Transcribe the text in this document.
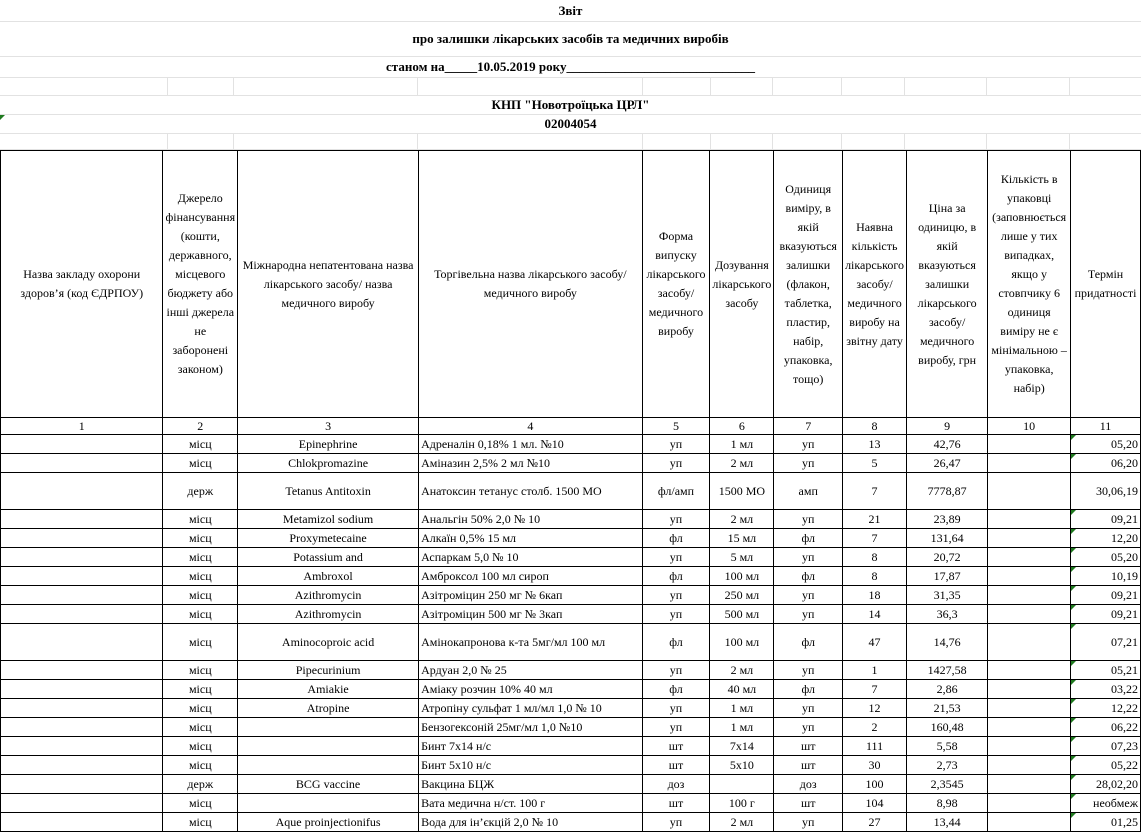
Звіт
про залишки лікарських засобів та медичних виробів
станом на_____10.05.2019 року_____________________________
КНП "Новотроїцька ЦРЛ"
02004054
Назва закладу охорони здоров’я (код ЄДРПОУ)	Джерело фінансування (кошти, державного, місцевого бюджету або інші джерела не заборонені законом)	Міжнародна непатентована назва лікарського засобу/ назва медичного виробу	Торгівельна назва лікарського засобу/ медичного виробу	Форма випуску лікарського засобу/ медичного виробу	Дозування лікарського засобу	Одиниця виміру, в якій вказуються залишки (флакон, таблетка, пластир, набір, упаковка, тощо)	Наявна кількість лікарського засобу/медичного виробу на звітну дату	Ціна за одиницю, в якій вказуються залишки лікарського засобу/медичного виробу, грн	Кількість в упаковці (заповнюється лише у тих випадках, якщо у стовпчику 6 одиниця виміру не є мінімальною – упаковка, набір)	Термін придатності
1	2	3	4	5	6	7	8	9	10	11
	місц	Epinephrine	Адреналін 0,18% 1 мл. №10	уп	1 мл	уп	13	42,76		05,20
	місц	Chlokpromazine	Аміназин 2,5% 2 мл №10	уп	2 мл	уп	5	26,47		06,20
	держ	Tetanus Antitoxin	Анатоксин тетанус столб. 1500 МО	фл/амп	1500 МО	амп	7	7778,87		30,06,19
	місц	Metamizol sodium	Анальгін 50% 2,0 № 10	уп	2 мл	уп	21	23,89		09,21
	місц	Proxymetecaine	Алкаїн 0,5% 15 мл	фл	15 мл	фл	7	131,64		12,20
	місц	Potassium and	Аспаркам 5,0 № 10	уп	5 мл	уп	8	20,72		05,20
	місц	Ambroxol	Амброксол 100 мл сироп	фл	100 мл	фл	8	17,87		10,19
	місц	Azithromycin	Азітроміцин 250 мг № 6кап	уп	250 мл	уп	18	31,35		09,21
	місц	Azithromycin	Азітроміцин 500 мг № 3кап	уп	500 мл	уп	14	36,3		09,21
	місц	Aminocoproic acid	Амінокапронова к-та 5мг/мл 100 мл	фл	100 мл	фл	47	14,76		07,21
	місц	Pipecurinium	Ардуан 2,0 № 25	уп	2 мл	уп	1	1427,58		05,21
	місц	Amiakie	Аміаку розчин 10% 40 мл	фл	40 мл	фл	7	2,86		03,22
	місц	Atropine	Атропіну сульфат 1 мл/мл 1,0 № 10	уп	1 мл	уп	12	21,53		12,22
	місц		Бензогексоній 25мг/мл 1,0 №10	уп	1 мл	уп	2	160,48		06,22
	місц		Бинт 7х14 н/с	шт	7х14	шт	111	5,58		07,23
	місц		Бинт 5х10 н/с	шт	5х10	шт	30	2,73		05,22
	держ	BCG vaccine	Вакцина БЦЖ	доз		доз	100	2,3545		28,02,20
	місц		Вата медична н/ст. 100 г	шт	100 г	шт	104	8,98		необмеж
	місц	Aque proinjectionifus	Вода для ін’єкцій 2,0 № 10	уп	2 мл	уп	27	13,44		01,25
